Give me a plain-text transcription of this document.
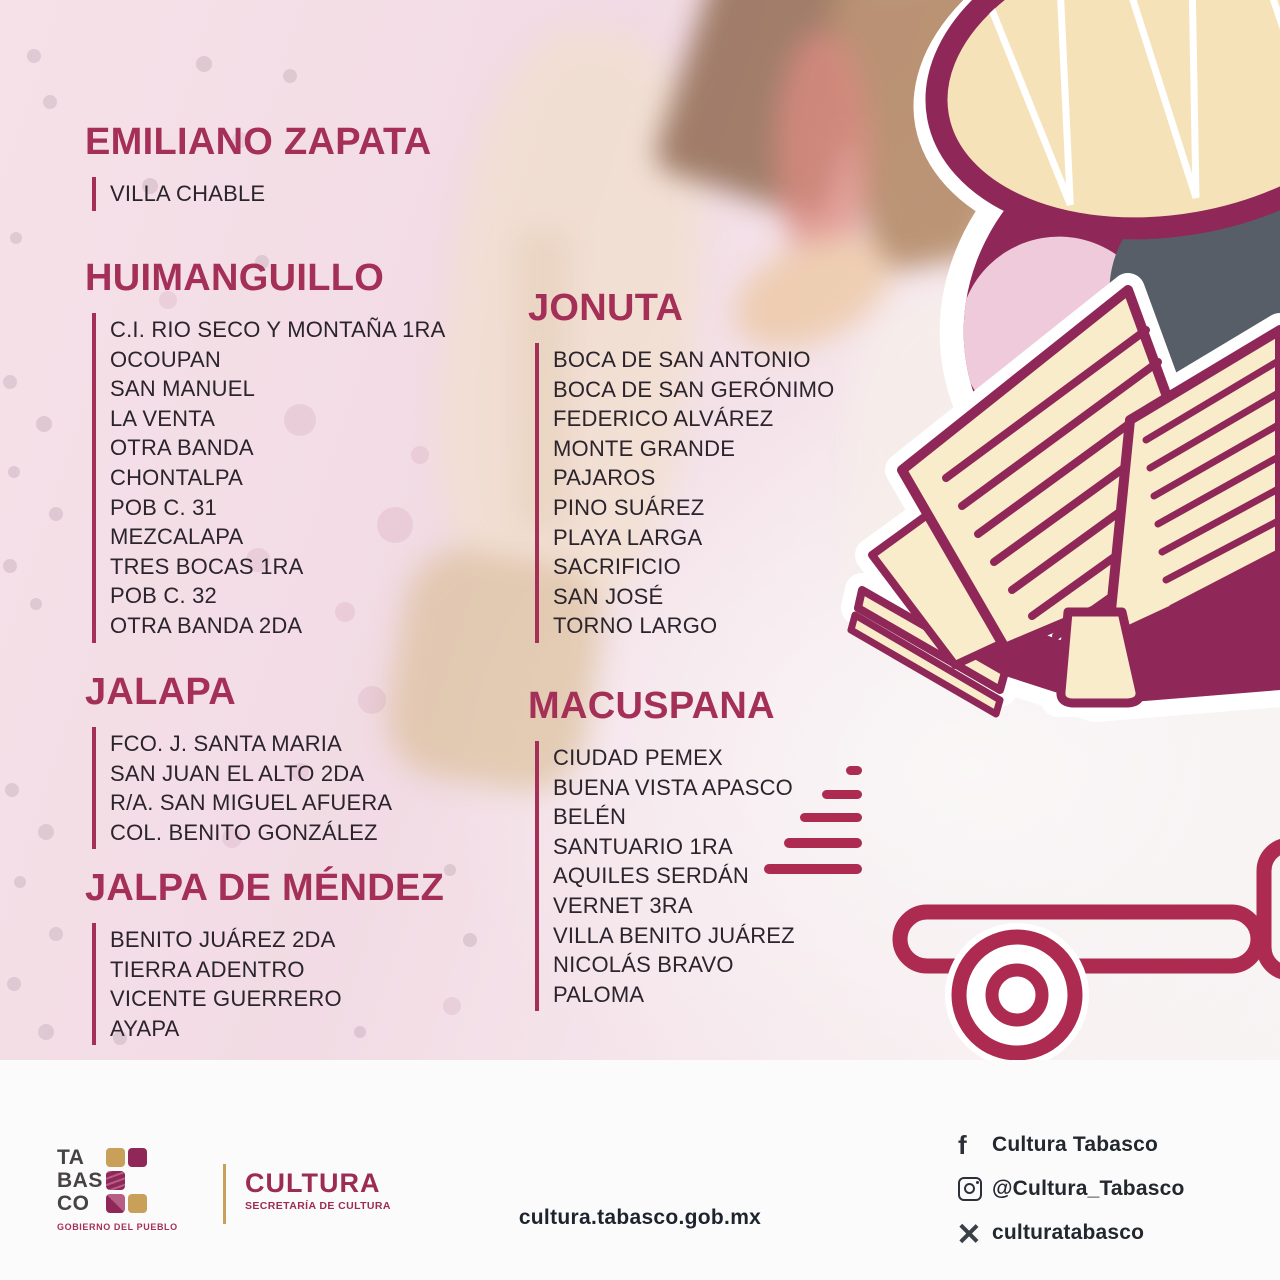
EMILIANO ZAPATA
VILLA CHABLE
HUIMANGUILLO
C.I. RIO SECO Y MONTAÑA 1RA
OCOUPAN
SAN MANUEL
LA VENTA
OTRA BANDA
CHONTALPA
POB C. 31
MEZCALAPA
TRES BOCAS 1RA
POB C. 32
OTRA BANDA 2DA
JALAPA
FCO. J. SANTA MARIA
SAN JUAN EL ALTO 2DA
R/A. SAN MIGUEL AFUERA
COL. BENITO GONZÁLEZ
JALPA DE MÉNDEZ
BENITO JUÁREZ 2DA
TIERRA ADENTRO
VICENTE GUERRERO
AYAPA
JONUTA
BOCA DE SAN ANTONIO
BOCA DE SAN GERÓNIMO
FEDERICO ALVÁREZ
MONTE GRANDE
PAJAROS
PINO SUÁREZ
PLAYA LARGA
SACRIFICIO
SAN JOSÉ
TORNO LARGO
MACUSPANA
CIUDAD PEMEX
BUENA VISTA APASCO
BELÉN
SANTUARIO 1RA
AQUILES SERDÁN
VERNET 3RA
VILLA BENITO JUÁREZ
NICOLÁS BRAVO
PALOMA
TA
BAS
CO
GOBIERNO DEL PUEBLO
CULTURA
SECRETARÍA DE CULTURA	cultura.tabasco.gob.mx
f Cultura Tabasco
@Cultura_Tabasco
culturatabasco
